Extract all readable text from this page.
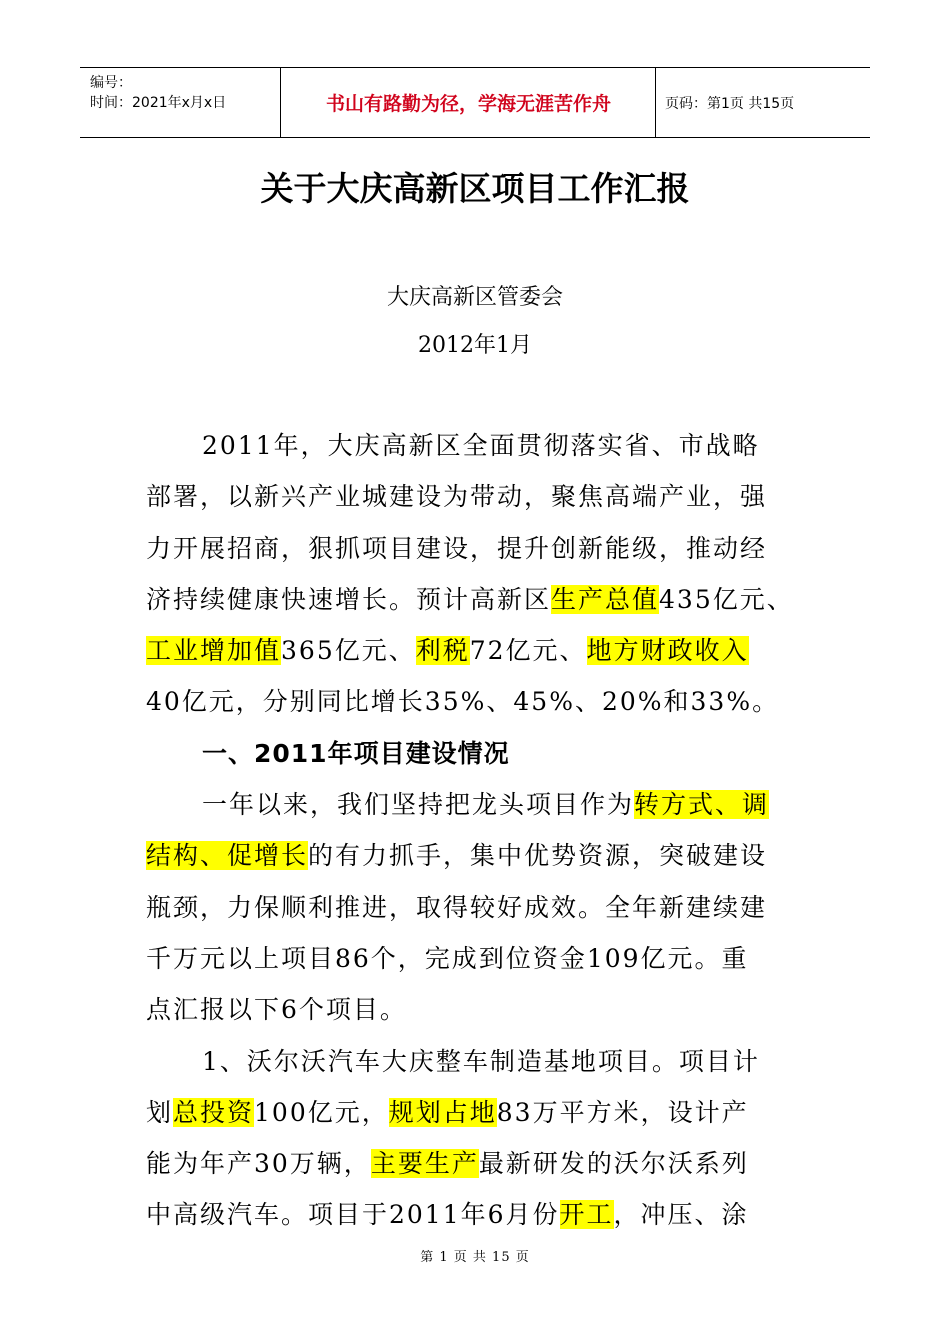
编号：
时间：2021年x月x日	书山有路勤为径，学海无涯苦作舟	页码：第1页 共15页
关于大庆高新区项目工作汇报
大庆高新区管委会
2012年1月
2011年，大庆高新区全面贯彻落实省、市战略
部署，以新兴产业城建设为带动，聚焦高端产业，强
力开展招商，狠抓项目建设，提升创新能级，推动经
济持续健康快速增长。预计高新区生产总值435亿元、
工业增加值365亿元、利税72亿元、地方财政收入
40亿元，分别同比增长35%、45%、20%和33%。
一、2011年项目建设情况
一年以来，我们坚持把龙头项目作为转方式、调
结构、促增长的有力抓手，集中优势资源，突破建设
瓶颈，力保顺利推进，取得较好成效。全年新建续建
千万元以上项目86个，完成到位资金109亿元。重
点汇报以下6个项目。
1、沃尔沃汽车大庆整车制造基地项目。项目计
划总投资100亿元，规划占地83万平方米，设计产
能为年产30万辆，主要生产最新研发的沃尔沃系列
中高级汽车。项目于2011年6月份开工，冲压、涂
第 1 页 共 15 页
